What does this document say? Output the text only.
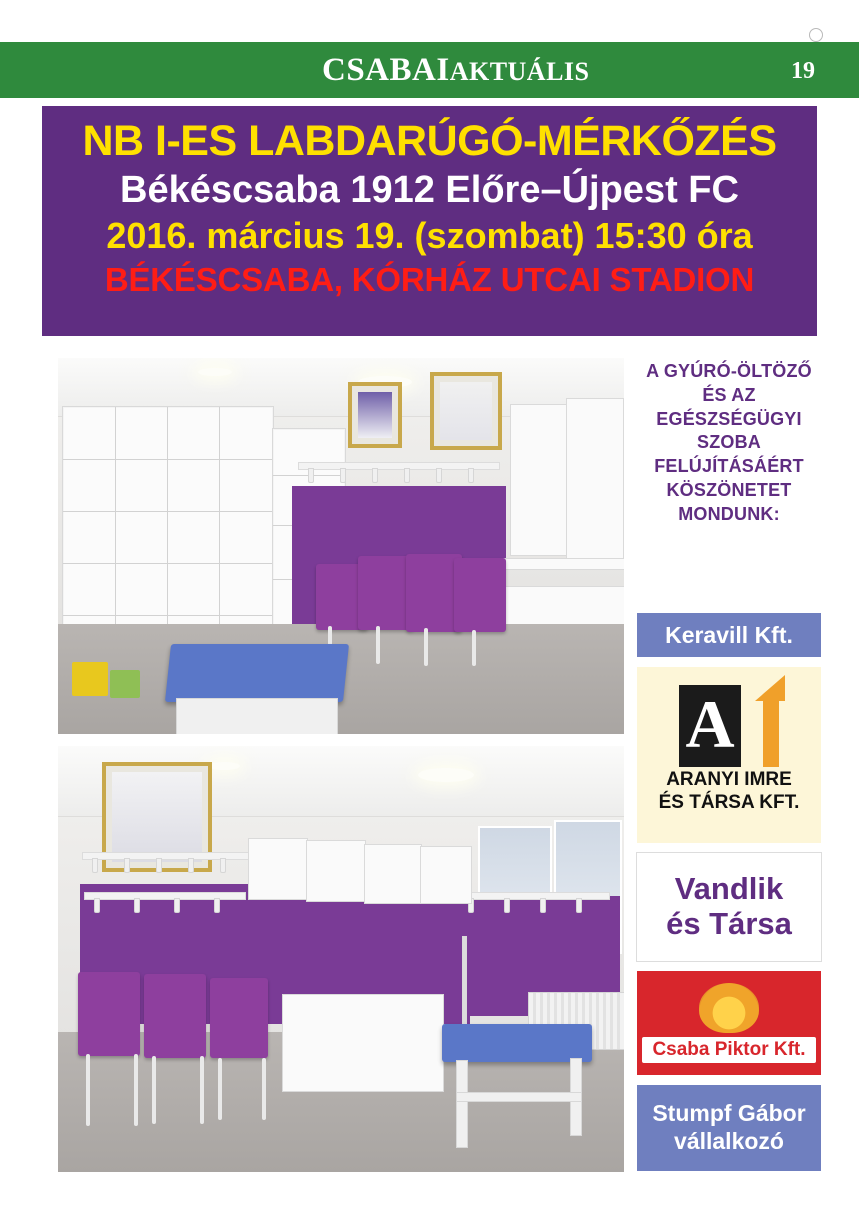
CSABAIAKTUÁLIS
	19
NB I-ES LABDARÚGÓ-MÉRKŐZÉS
Békéscsaba 1912 Előre–Újpest FC
2016. március 19. (szombat) 15:30 óra
BÉKÉSCSABA, KÓRHÁZ UTCAI STADION
A GYÚRÓ-ÖLTÖZŐ ÉS AZ EGÉSZSÉGÜGYI SZOBA FELÚJÍTÁSÁÉRT KÖSZÖNETET MONDUNK:
Keravill Kft.
A
ARANYI IMRE
ÉS TÁRSA KFT.
Vandlik
és Társa
Csaba Piktor Kft.
Stumpf Gábor
vállalkozó
